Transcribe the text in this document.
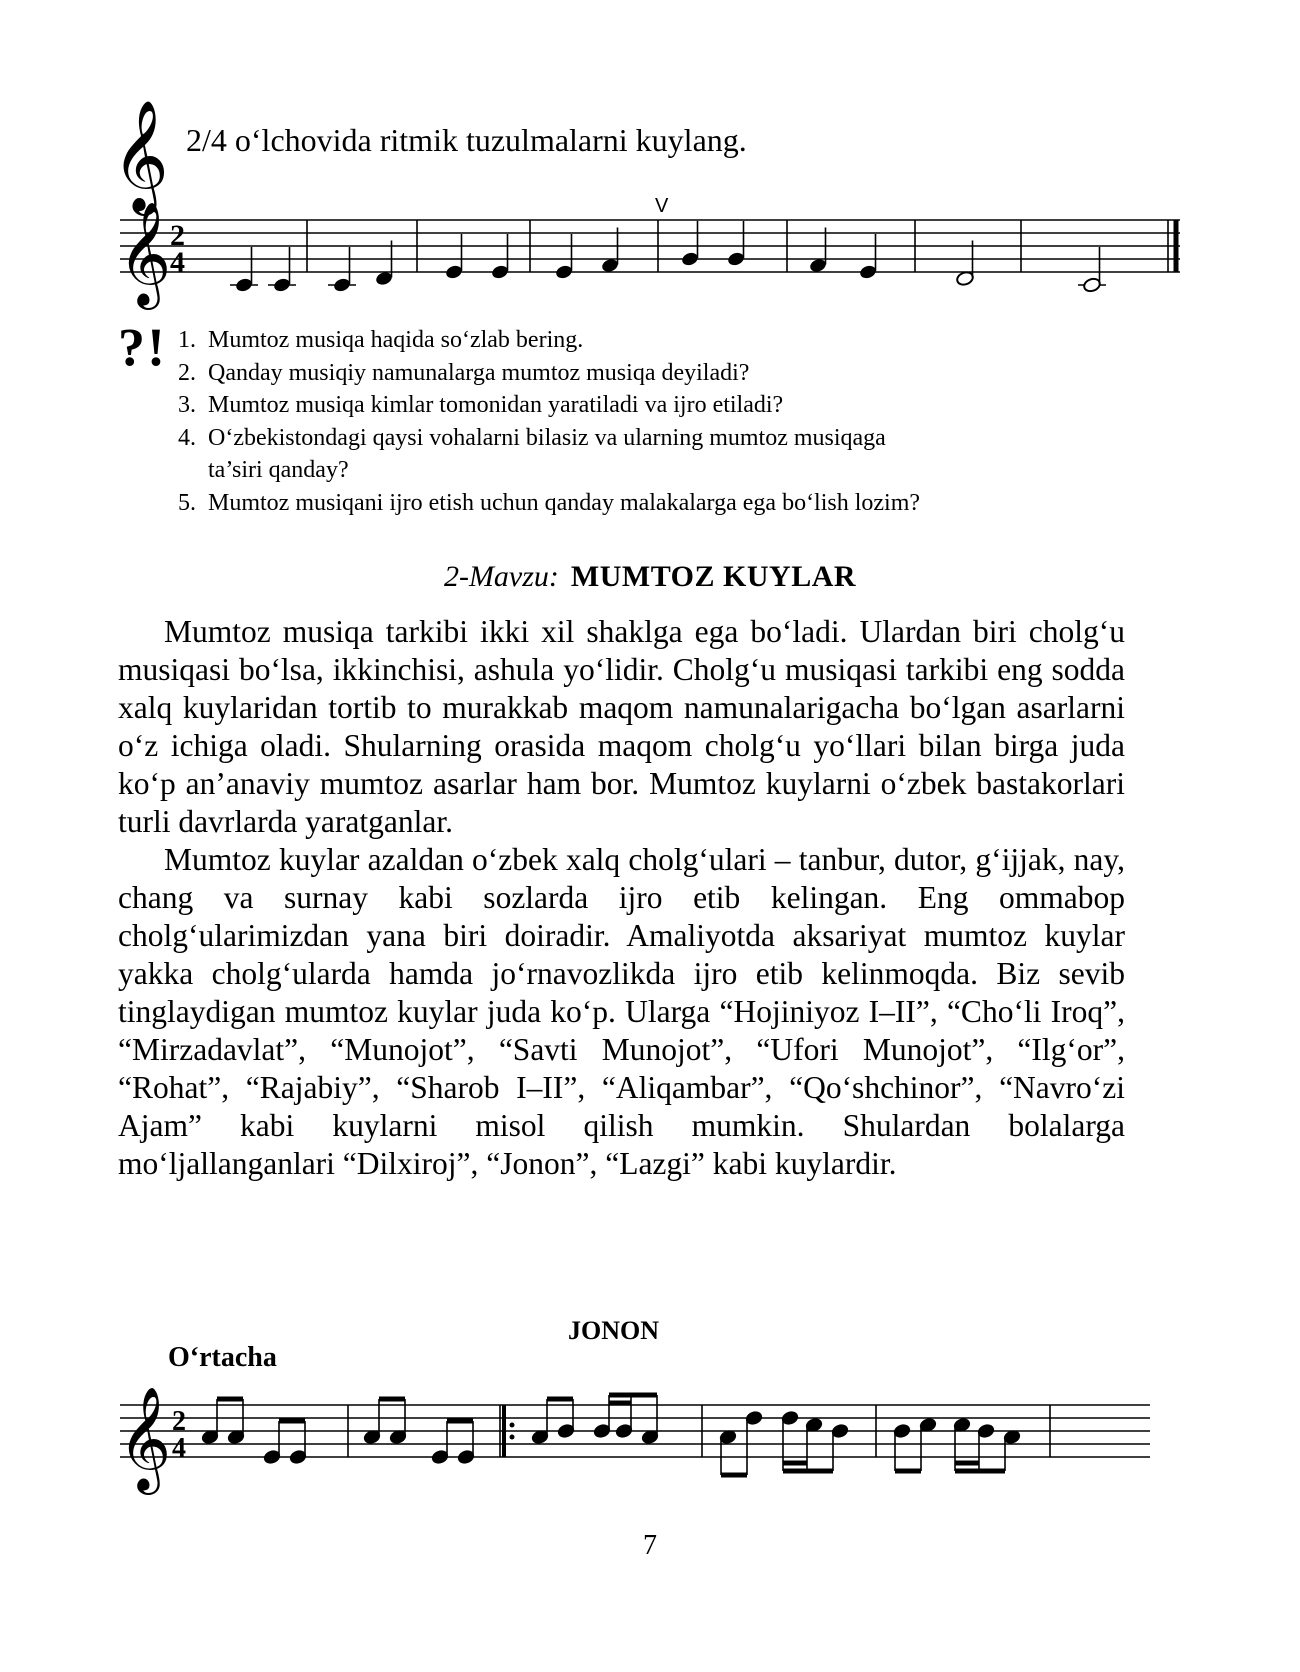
𝄞 2/4 o‘lchovida ritmik tuzulmalarni kuylang.
𝄞
2
4
V
?! 1. Mumtoz musiqa haqida so‘zlab bering.
2. Qanday musiqiy namunalarga mumtoz musiqa deyiladi?
3. Mumtoz musiqa kimlar tomonidan yaratiladi va ijro etiladi?
4. O‘zbekistondagi qaysi vohalarni bilasiz va ularning mumtoz musiqaga
ta’siri qanday?
5. Mumtoz musiqani ijro etish uchun qanday malakalarga ega bo‘lish lozim?
2-Mavzu: MUMTOZ KUYLAR

Mumtoz musiqa tarkibi ikki xil shaklga ega bo‘ladi. Ulardan biri cholg‘u musiqasi bo‘lsa, ikkinchisi, ashula yo‘lidir. Cholg‘u musiqasi tarkibi eng sodda xalq kuylaridan tortib to murakkab maqom namunalarigacha bo‘lgan asarlarni o‘z ichiga oladi. Shularning orasida maqom cholg‘u yo‘llari bilan birga juda ko‘p an’anaviy mumtoz asarlar ham bor. Mumtoz kuylarni o‘zbek bastakorlari turli davrlarda yaratganlar.

Mumtoz kuylar azaldan o‘zbek xalq cholg‘ulari – tanbur, dutor, g‘ijjak, nay, chang va surnay kabi sozlarda ijro etib kelingan. Eng ommabop cholg‘ularimizdan yana biri doiradir. Amaliyotda aksariyat mumtoz kuylar yakka cholg‘ularda hamda jo‘rnavozlikda ijro etib kelinmoqda. Biz sevib tinglaydigan mumtoz kuylar juda ko‘p. Ularga “Hojiniyoz I–II”, “Cho‘li Iroq”, “Mirzadavlat”, “Munojot”, “Savti Munojot”, “Ufori Munojot”, “Ilg‘or”, “Rohat”, “Rajabiy”, “Sharob I–II”, “Aliqambar”, “Qo‘shchinor”, “Navro‘zi Ajam” kabi kuylarni misol qilish mumkin. Shulardan bolalarga mo‘ljallanganlari “Dilxiroj”, “Jonon”, “Lazgi” kabi kuylardir.

JONON
O‘rtacha
𝄞 2
4
7
